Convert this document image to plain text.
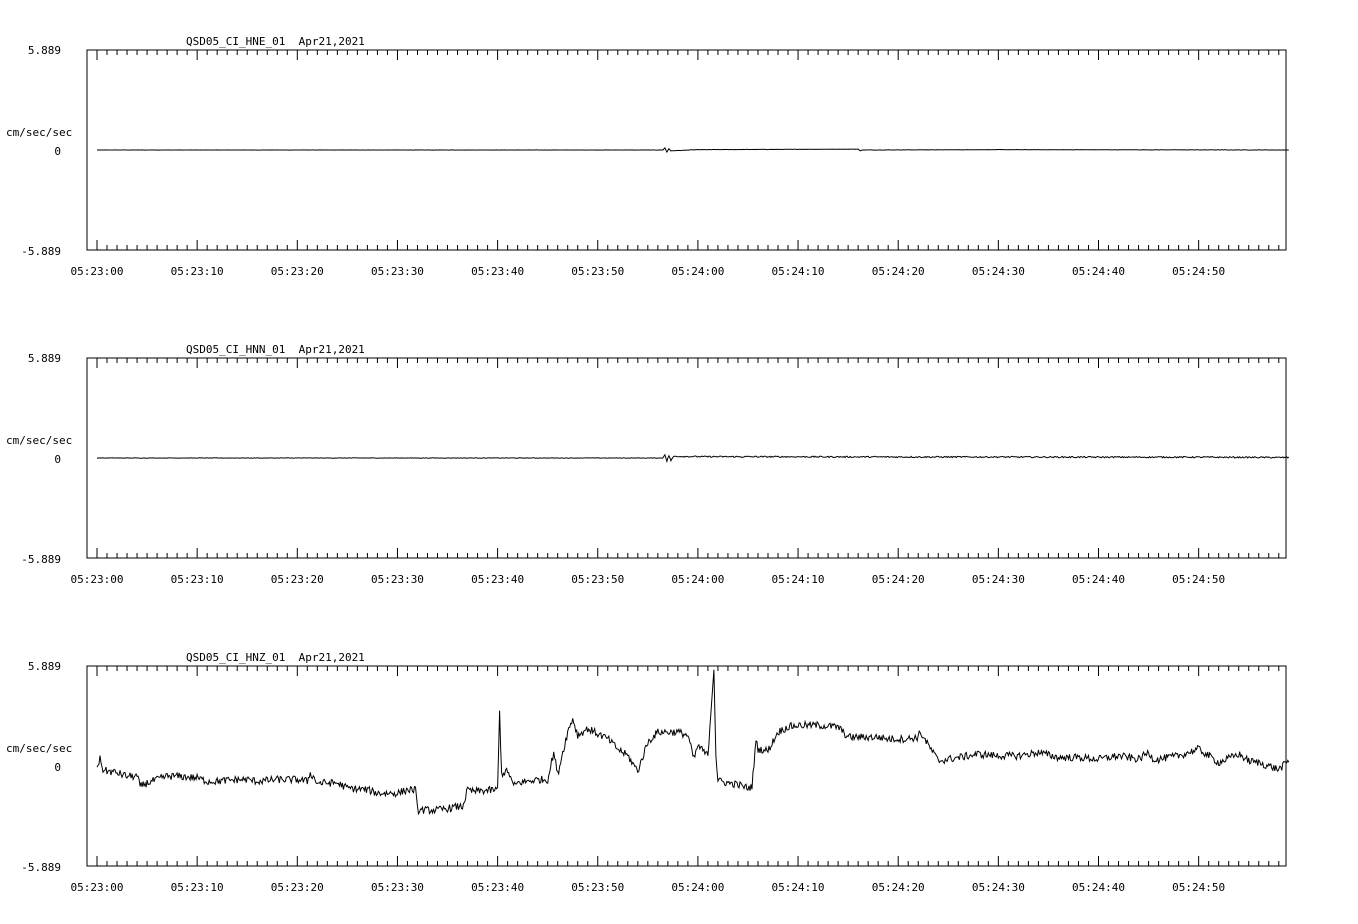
QSD05_CI_HNE_01  Apr21,2021
cm/sec/sec
5.889
0
-5.889
05:23:00	05:23:10	05:23:20	05:23:30	05:23:40	05:23:50	05:24:00	05:24:10	05:24:20	05:24:30	05:24:40	05:24:50
QSD05_CI_HNN_01  Apr21,2021
cm/sec/sec
5.889
0
-5.889
05:23:00	05:23:10	05:23:20	05:23:30	05:23:40	05:23:50	05:24:00	05:24:10	05:24:20	05:24:30	05:24:40	05:24:50
QSD05_CI_HNZ_01  Apr21,2021
cm/sec/sec
5.889
0
-5.889
05:23:00	05:23:10	05:23:20	05:23:30	05:23:40	05:23:50	05:24:00	05:24:10	05:24:20	05:24:30	05:24:40	05:24:50
